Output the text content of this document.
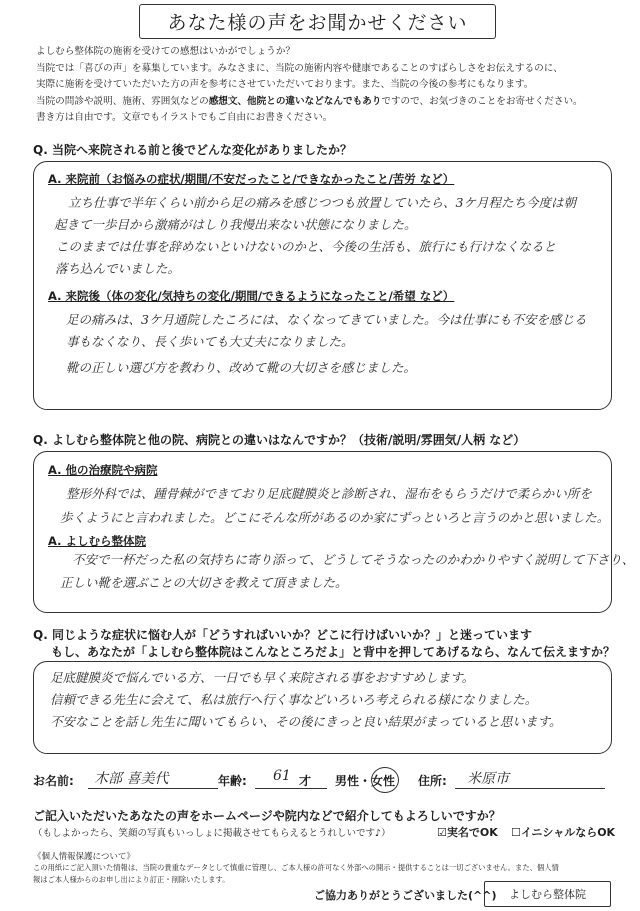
あなた様の声をお聞かせください
よしむら整体院の施術を受けての感想はいかがでしょうか？
当院では「喜びの声」を募集しています。みなさまに、当院の施術内容や健康であることのすばらしさをお伝えするのに、
実際に施術を受けていただいた方の声を参考にさせていただいております。また、当院の今後の参考にもなります。
当院の問診や説明、施術、雰囲気などの感想文、他院との違いなどなんでもありですので、お気づきのことをお寄せください。
書き方は自由です。文章でもイラストでもご自由にお書きください。
Q. 当院へ来院される前と後でどんな変化がありましたか？
A. 来院前（お悩みの症状/期間/不安だったこと/できなかったこと/苦労 など）
立ち仕事で半年くらい前から足の痛みを感じつつも放置していたら、3ケ月程たち今度は朝
起きて一歩目から激痛がはしり我慢出来ない状態になりました。
このままでは仕事を辞めないといけないのかと、今後の生活も、旅行にも行けなくなると
落ち込んでいました。
A. 来院後（体の変化/気持ちの変化/期間/できるようになったこと/希望 など）
足の痛みは、3ケ月通院したころには、なくなってきていました。今は仕事にも不安を感じる
事もなくなり、長く歩いても大丈夫になりました。
靴の正しい選び方を教わり、改めて靴の大切さを感じました。
Q. よしむら整体院と他の院、病院との違いはなんですか？（技術/説明/雰囲気/人柄 など）
A. 他の治療院や病院
整形外科では、踵骨棘ができており足底腱膜炎と診断され、湿布をもらうだけで柔らかい所を
歩くようにと言われました。どこにそんな所があるのか家にずっといろと言うのかと思いました。
A. よしむら整体院
不安で一杯だった私の気持ちに寄り添って、どうしてそうなったのかわかりやすく説明して下さり、
正しい靴を選ぶことの大切さを教えて頂きました。
Q. 同じような症状に悩む人が「どうすればいいか？どこに行けばいいか？」と迷っています
もし、あなたが「よしむら整体院はこんなところだよ」と背中を押してあげるなら、なんて伝えますか？
足底腱膜炎で悩んでいる方、一日でも早く来院される事をおすすめします。
信頼できる先生に会えて、私は旅行へ行く事などいろいろ考えられる様になりました。
不安なことを話し先生に聞いてもらい、その後にきっと良い結果がまっていると思います。
お名前: 木部 喜美代	年齢: 61 才 男性・女性 住所: 米原市
ご記入いただいたあなたの声をホームページや院内などで紹介してもよろしいですか？
（もしよかったら、笑顔の写真もいっしょに掲載させてもらえるとうれしいです♪）	☑実名でOK ☐イニシャルならOK
《個人情報保護について》
この用紙にご記入頂いた情報は、当院の貴重なデータとして慎重に管理し、ご本人様の許可なく外部への開示・提供することは一切ございません。また、個人情
報はご本人様からのお申し出により訂正・削除いたします。
ご協力ありがとうございました(^^)	よしむら整体院
